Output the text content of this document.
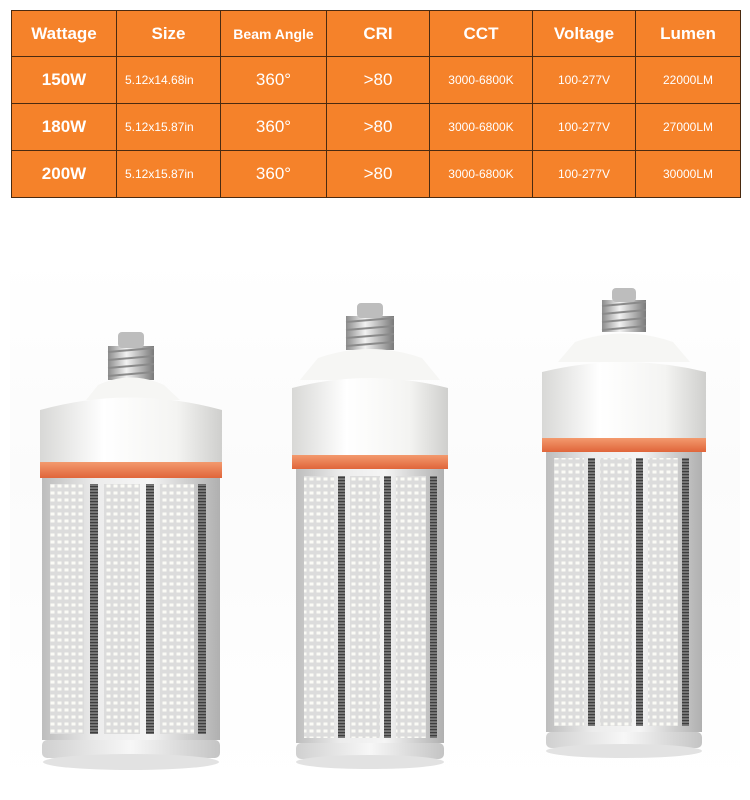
Wattage	Size	Beam Angle	CRI	CCT	Voltage	Lumen
150W	5.12x14.68in	360°	>80	3000-6800K	100-277V	22000LM
180W	5.12x15.87in	360°	>80	3000-6800K	100-277V	27000LM
200W	5.12x15.87in	360°	>80	3000-6800K	100-277V	30000LM
